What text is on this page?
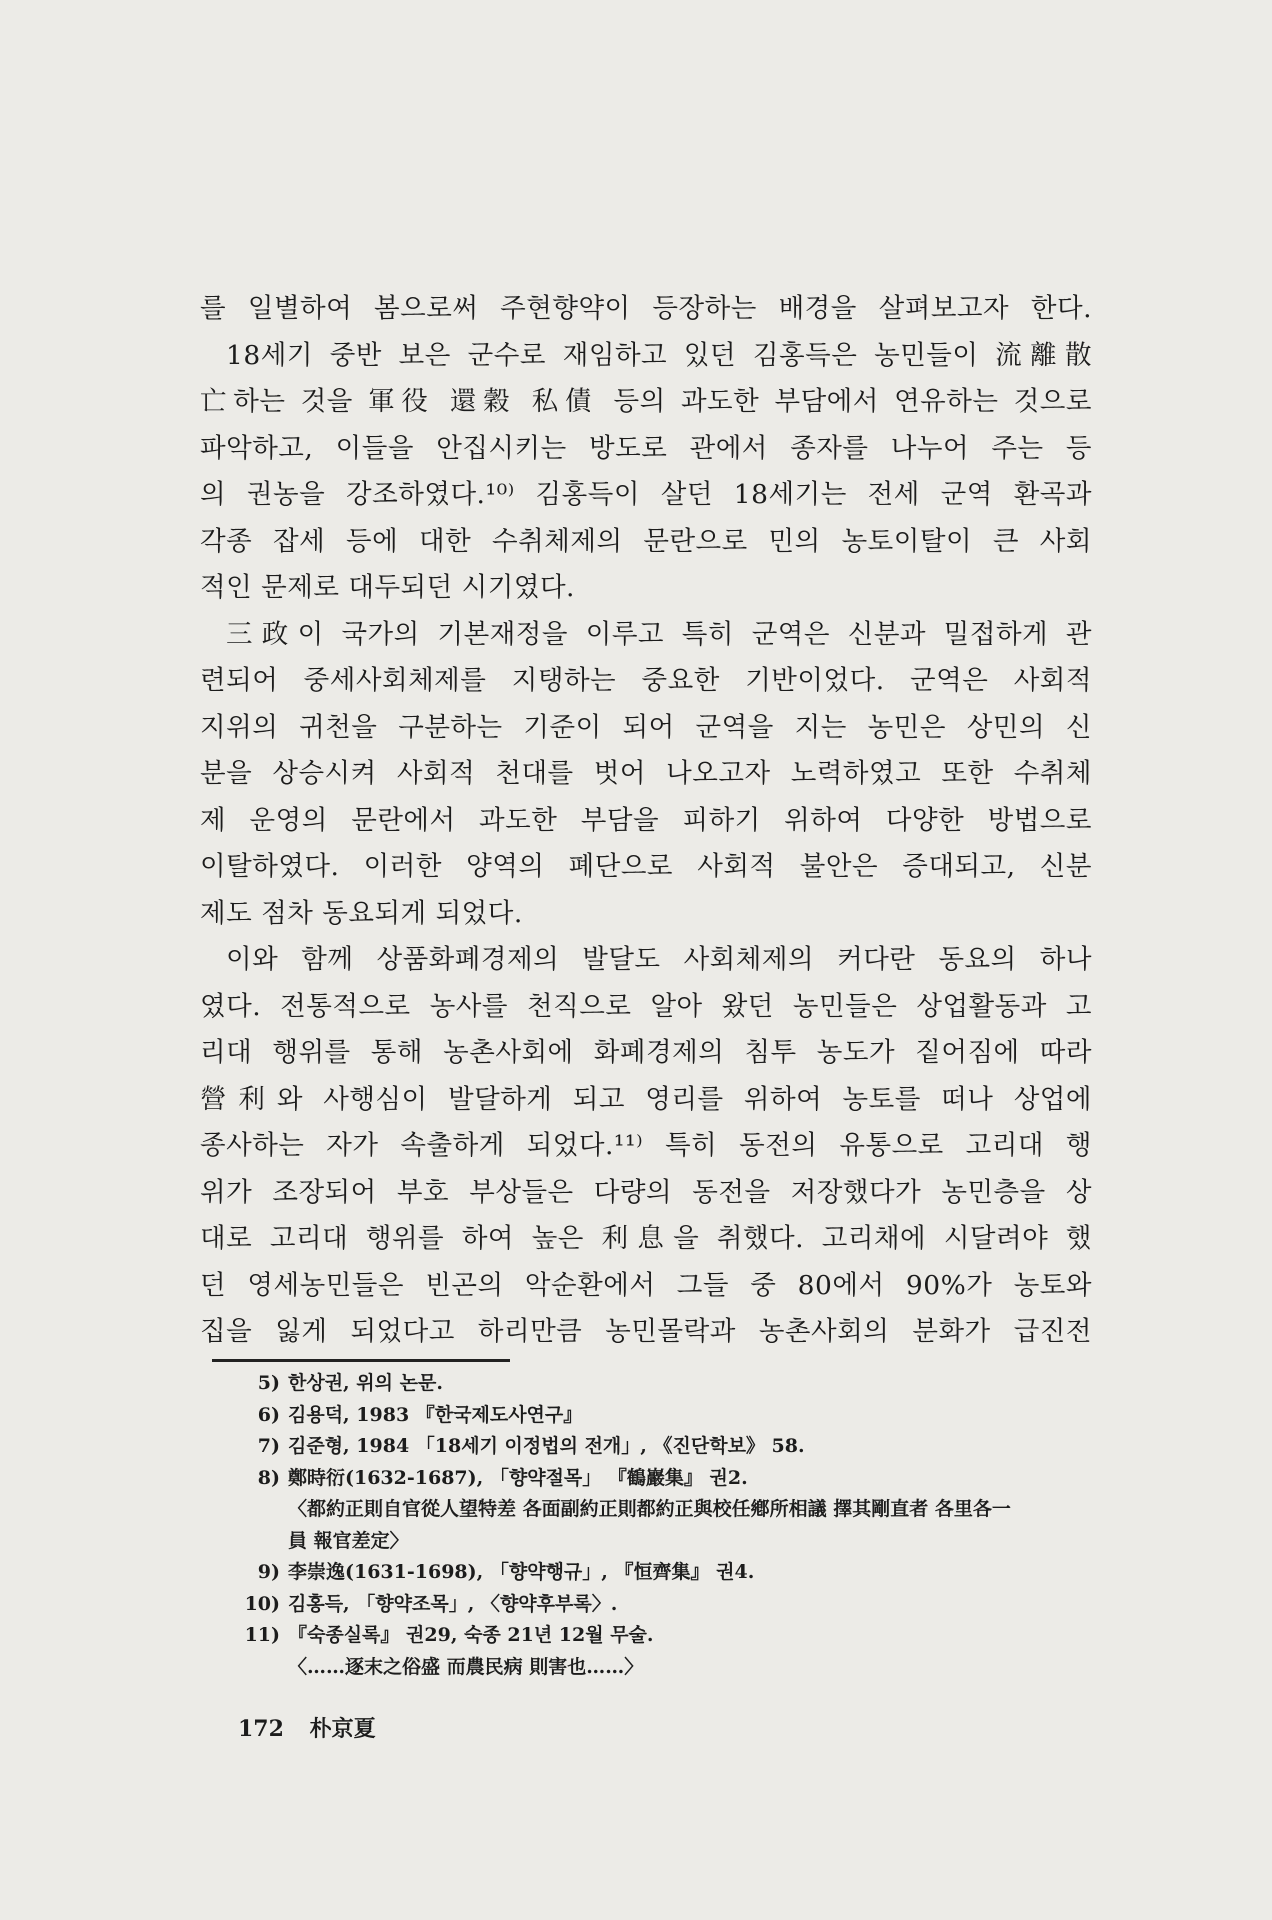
를 일별하여 봄으로써 주현향약이 등장하는 배경을 살펴보고자 한다.
18세기 중반 보은 군수로 재임하고 있던 김홍득은 농민들이 流離散
亡하는 것을 軍役 還穀 私債 등의 과도한 부담에서 연유하는 것으로
파악하고, 이들을 안집시키는 방도로 관에서 종자를 나누어 주는 등
의 권농을 강조하였다.¹⁰⁾ 김홍득이 살던 18세기는 전세 군역 환곡과
각종 잡세 등에 대한 수취체제의 문란으로 민의 농토이탈이 큰 사회
적인 문제로 대두되던 시기였다.
三政이 국가의 기본재정을 이루고 특히 군역은 신분과 밀접하게 관
련되어 중세사회체제를 지탱하는 중요한 기반이었다. 군역은 사회적
지위의 귀천을 구분하는 기준이 되어 군역을 지는 농민은 상민의 신
분을 상승시켜 사회적 천대를 벗어 나오고자 노력하였고 또한 수취체
제 운영의 문란에서 과도한 부담을 피하기 위하여 다양한 방법으로
이탈하였다. 이러한 양역의 폐단으로 사회적 불안은 증대되고, 신분
제도 점차 동요되게 되었다.
이와 함께 상품화폐경제의 발달도 사회체제의 커다란 동요의 하나
였다. 전통적으로 농사를 천직으로 알아 왔던 농민들은 상업활동과 고
리대 행위를 통해 농촌사회에 화폐경제의 침투 농도가 짙어짐에 따라
營利와 사행심이 발달하게 되고 영리를 위하여 농토를 떠나 상업에
종사하는 자가 속출하게 되었다.¹¹⁾ 특히 동전의 유통으로 고리대 행
위가 조장되어 부호 부상들은 다량의 동전을 저장했다가 농민층을 상
대로 고리대 행위를 하여 높은 利息을 취했다. 고리채에 시달려야 했
던 영세농민들은 빈곤의 악순환에서 그들 중 80에서 90%가 농토와
집을 잃게 되었다고 하리만큼 농민몰락과 농촌사회의 분화가 급진전
5) 한상권, 위의 논문.
6) 김용덕, 1983 『한국제도사연구』
7) 김준형, 1984 「18세기 이정법의 전개」, 《진단학보》 58.
8) 鄭時衍(1632-1687), 「향약절목」 『鶴巖集』 권2.
〈都約正則自官從人望特差 各面副約正則都約正與校任鄕所相議 擇其剛直者 各里各一
員 報官差定〉
9) 李崇逸(1631-1698), 「향약행규」, 『恒齊集』 권4.
10) 김홍득, 「향약조목」, 〈향약후부록〉.
11) 『숙종실록』 권29, 숙종 21년 12월 무술.
〈……逐末之俗盛 而農民病 則害也……〉
172 朴京夏
